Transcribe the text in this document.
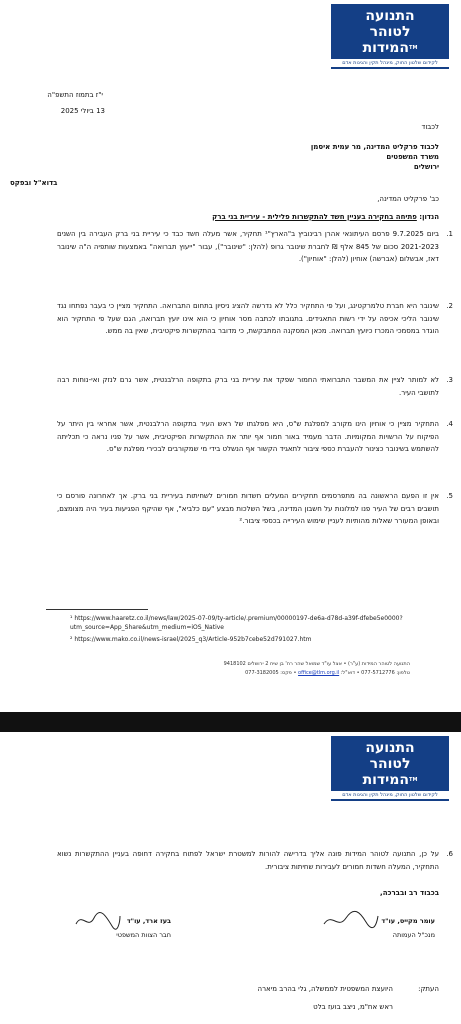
התנועה
לטוהר
המידות™
לקידום שלטון החוק, מינהל תקין והגינות אדם
י"ז בתמוז התשפ"ה
13 ביולי 2025
לכבוד
לכבוד פרקליט המדינה, מר עמית איסמן
משרד המשפטים
ירושלים
בדוא"ל ובפקס
כב' פרקליט המדינה,
הנדון: פתיחה בחקירה בעניין חשד להתקשרות פלילית - עיריית בני ברק
1.
ביום 9.7.2025 פרסם העיתונאי אהרן רבינוביץ ב"הארץ"¹ תחקיר, אשר מעלה חשד כבד כי עיריית בני ברק העבירה בין השנים 2021-2023 סכום של 845 אלף ₪ לחברת שינובר גרופ (להלן: "שינובר"), עבור "ייעוץ תברואה" באמצעות שותפיה ה"ה שינובר דאז, אבשלום (אברשה) אוחיון (להלן: "אוחיון").
2.
שינובר היא חברת טלמרקטינג, ועל פי התחקיר כלל לא נדרשה להציג ניסיון בתחום התברואה. התחקיר מציין כי בעבר נפתחו נגד שינובר הליכי אכיפה על ידי רשות התאגידים. בתגובתו לכתבה מסר אוחיון כי הוא אינו יועץ תברואה, הגם שעל פי התחקיר הוא הוגדר במסמכי המכרז כיועץ תברואה. מכאן המסקנה המתבקשת, כי מדובר בהתקשרות פיקטיבית, שאין בה ממש.
3.
לא למותר לציין את המשבר התברואתי החמור שפקד את עיריית בני ברק בתקופה הרלבנטית, אשר גרם לנזק ואי-נוחות רבה לתושבי העיר.
4.
התחקיר מציין כי אוחיון הינו מקורב למפלגת ש"ס, היא מפלגתו של ראש העיר בתקופה הרלבנטית, אשר אחראי בין היתר על הפיקוח על הרשויות המקומיות. הדבר מעמיד באור חמור אף יותר את ההתקשרות הפיקטיבית, אשר על פניו נראה כי תכליתה להשתמש בשינובר כצינור להעברת כספי ציבור לתאגיד הקשור אף הנשלט בידי מי שמקורבים לבכירי מפלגת ש"ס.
5.
אין זו הפעם הראשונה בה מתפרסמים תחקירים המעלים חשדות חמורים לשחיתות בעיריית בני ברק. אך לאחרונה פורסם כי תושבים רבים של העיר פנו למלונות על חשבון המדינה, בשל השלכות מבצע "עם כלביא", אף שהיקף הפגיעות בעיר היה מצומצם, ובאופן המעורר שאלות מהותיות לעניין שימוש העירייה בכספי ציבור.²
¹ https://www.haaretz.co.il/news/law/2025-07-09/ty-article/.premium/00000197-de6a-d78d-a39f-dfebe5e0000?utm_source=App_Share&utm_medium=iOS_Native
² https://www.mako.co.il/news-israel/2025_q3/Article-952b7cebe52d791027.htm
התנועה לטוהר המידות (ע"ר) • אצל עו"ד שמואל שהר רח' בן שיח 2 ירושלים 9418102
טלפון: 077-5712776 • דוא"ל: office@tlm.org.il • פקס: 077-3182005
התנועה
לטוהר
המידות™
לקידום שלטון החוק, מינהל תקין והגינות אדם
6.
על כן, התנועה לטוהר המידות פונה אליך בדרישה להורות למשטרת ישראל לפתוח בחקירה דחופה בעניין ההתקשרות נשוא התחקיר, המעלה חשדות חמורים לעבירות שחיתות ציבורית.
בכבוד רב ובברכה,
עומר מקייס, עו"ד
מנכ"ל העמותה
בעז ארד, עו"ד
חבר הצוות המשפטי
העתק:
היועצת המשפטית לממשלה, גלי בהרב מיארה
ראש אח"מ, ניצב בועז בלט
